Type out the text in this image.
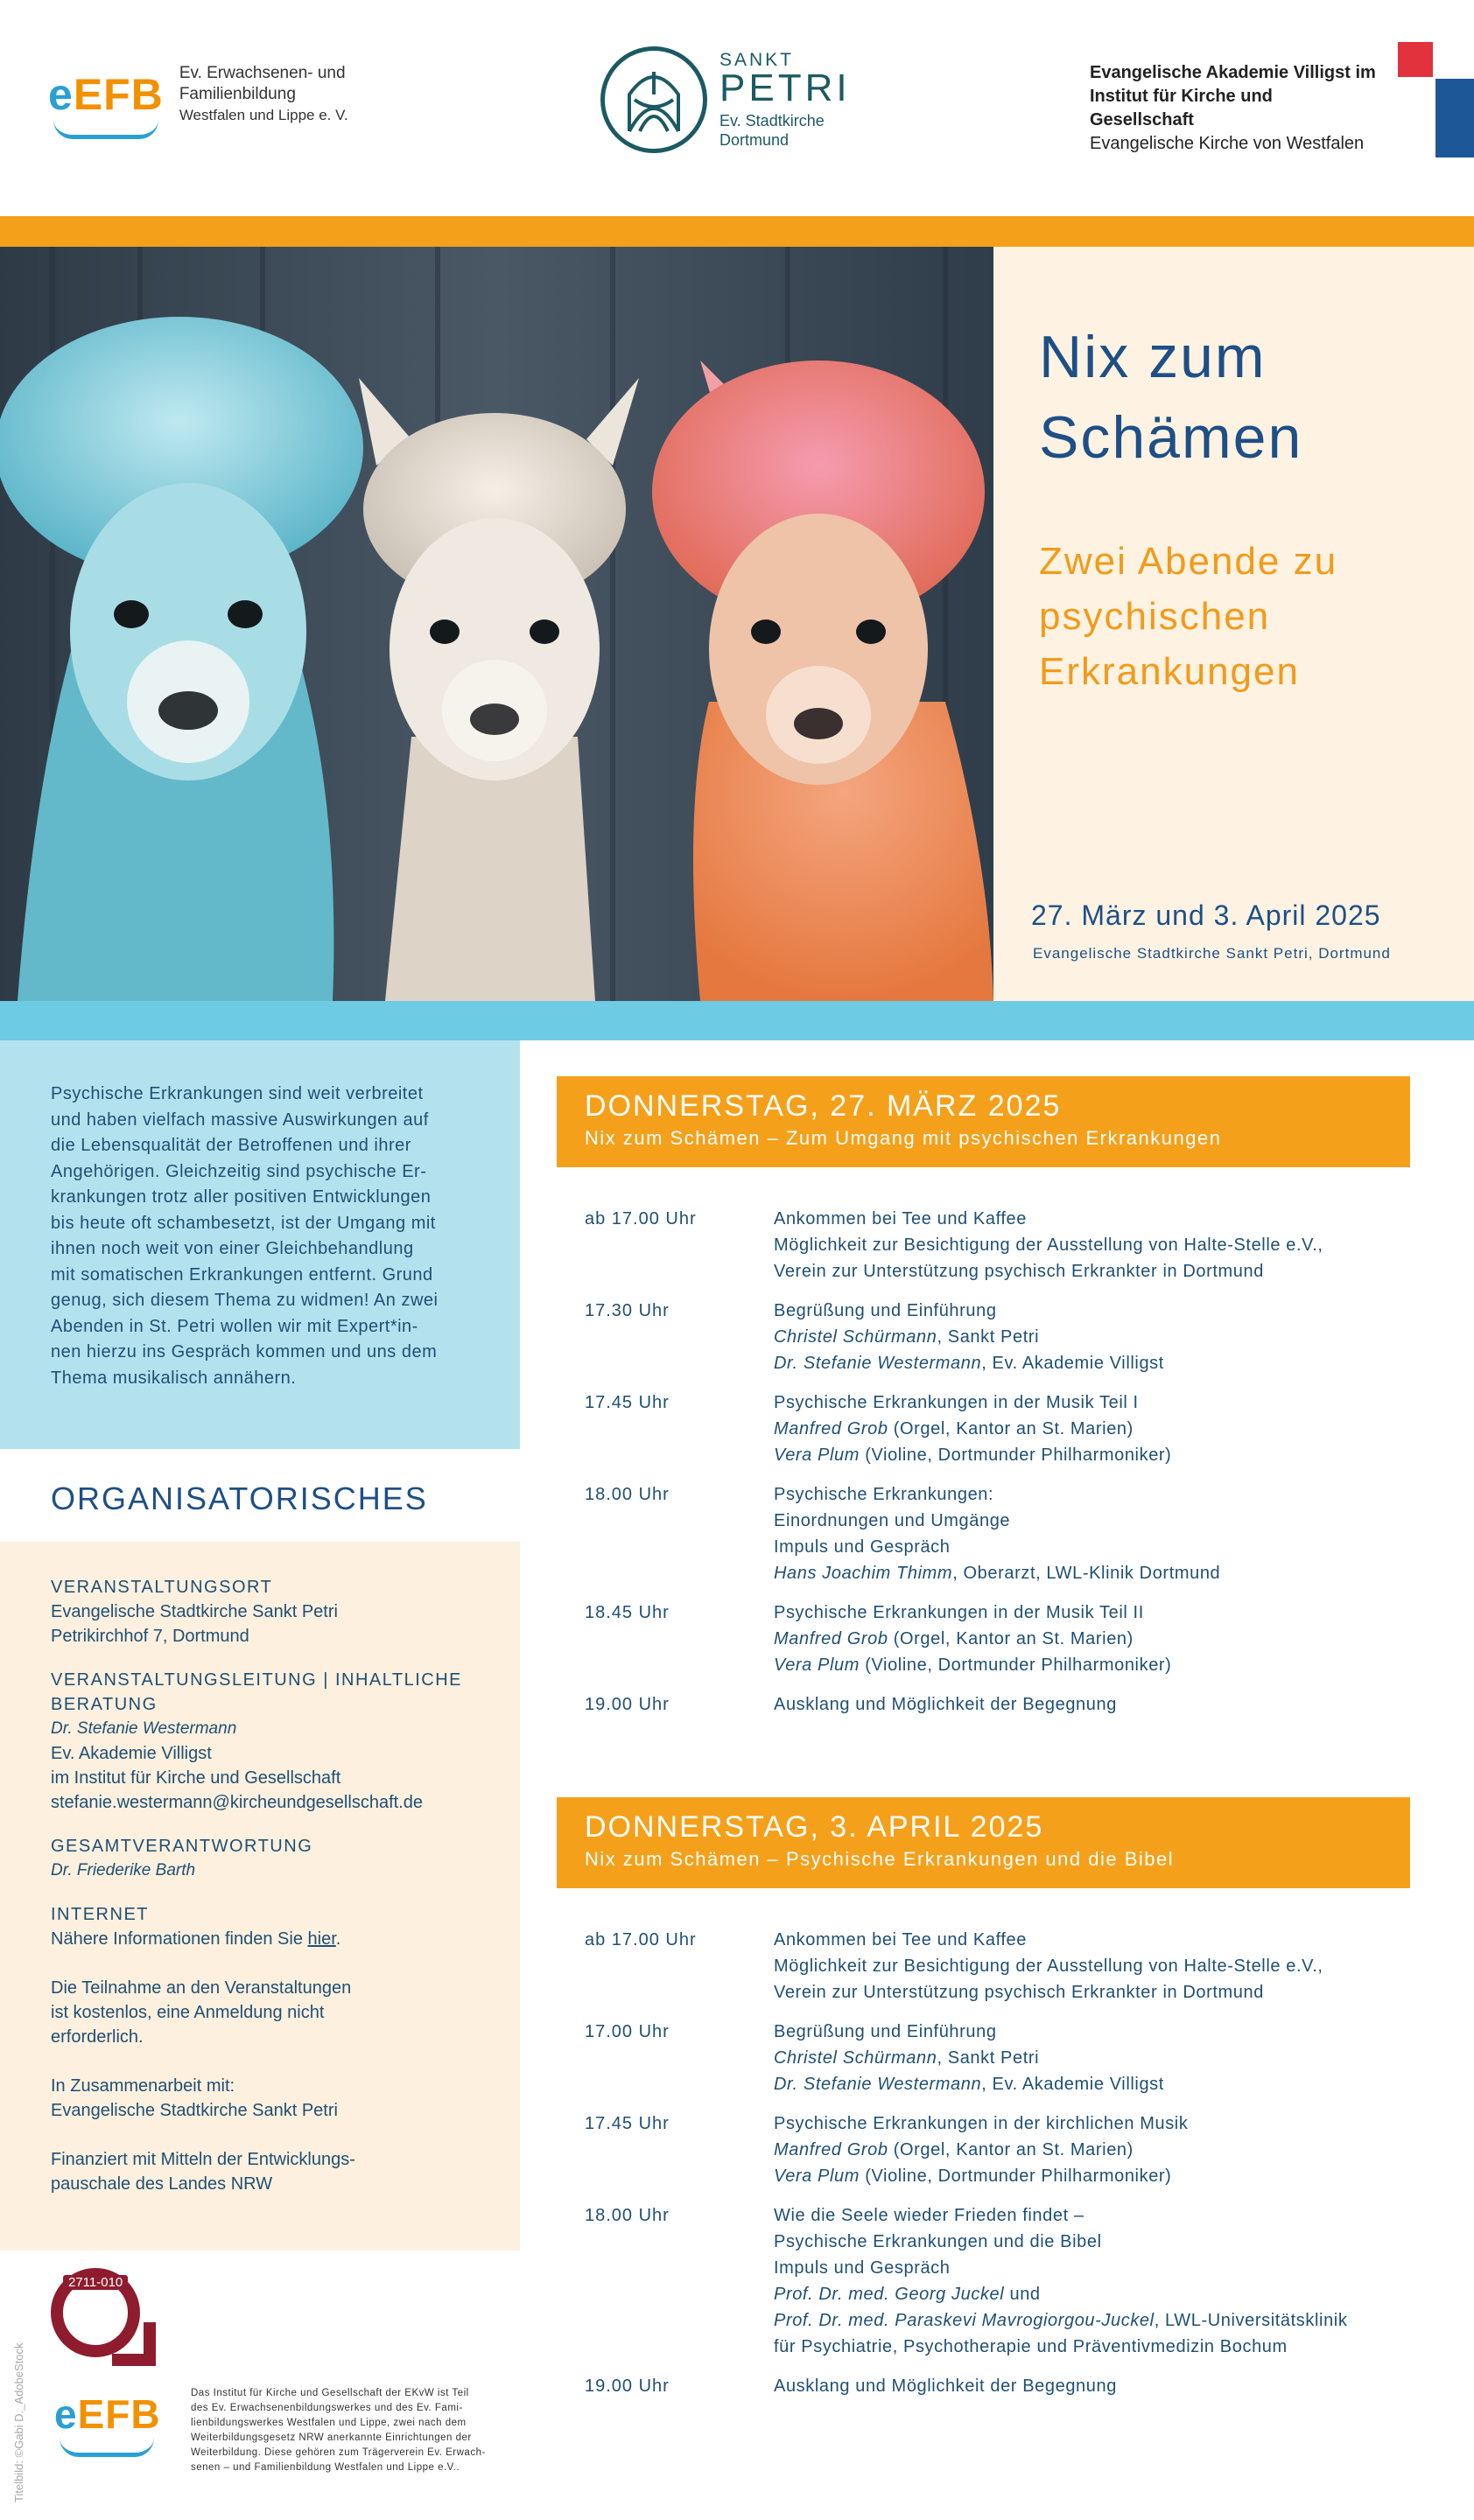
eEFB Ev. Erwachsenen- und
Familienbildung
Westfalen und Lippe e. V.
SANKT
PETRI
Ev. Stadtkirche
Dortmund
Evangelische Akademie Villigst im
Institut für Kirche und Gesellschaft
Evangelische Kirche von Westfalen
Nix zum
Schämen
Zwei Abende zu
psychischen
Erkrankungen
27. März und 3. April 2025
Evangelische Stadtkirche Sankt Petri, Dortmund
Psychische Erkrankungen sind weit verbreitet
und haben vielfach massive Auswirkungen auf
die Lebensqualität der Betroffenen und ihrer
Angehörigen. Gleichzeitig sind psychische Er-
krankungen trotz aller positiven Entwicklungen
bis heute oft schambesetzt, ist der Umgang mit
ihnen noch weit von einer Gleichbehandlung
mit somatischen Erkrankungen entfernt. Grund
genug, sich diesem Thema zu widmen! An zwei
Abenden in St. Petri wollen wir mit Expert*in-
nen hierzu ins Gespräch kommen und uns dem
Thema musikalisch annähern.
ORGANISATORISCHES
VERANSTALTUNGSORT
Evangelische Stadtkirche Sankt Petri
Petrikirchhof 7, Dortmund
VERANSTALTUNGSLEITUNG | INHALTLICHE
BERATUNG
Dr. Stefanie Westermann
Ev. Akademie Villigst
im Institut für Kirche und Gesellschaft
stefanie.westermann@kircheundgesellschaft.de
GESAMTVERANTWORTUNG
Dr. Friederike Barth
INTERNET
Nähere Informationen finden Sie hier.
Die Teilnahme an den Veranstaltungen
ist kostenlos, eine Anmeldung nicht
erforderlich.
In Zusammenarbeit mit:
Evangelische Stadtkirche Sankt Petri
Finanziert mit Mitteln der Entwicklungs-
pauschale des Landes NRW
Titelbild: ©Gabi D._AdobeStock
2711-010
eEFB	Das Institut für Kirche und Gesellschaft der EKvW ist Teil
des Ev. Erwachsenenbildungswerkes und des Ev. Fami-
lienbildungswerkes Westfalen und Lippe, zwei nach dem
Weiterbildungsgesetz NRW anerkannte Einrichtungen der
Weiterbildung. Diese gehören zum Trägerverein Ev. Erwach-
senen – und Familienbildung Westfalen und Lippe e.V..
DONNERSTAG, 27. MÄRZ 2025
Nix zum Schämen – Zum Umgang mit psychischen Erkrankungen
ab 17.00 Uhr	Ankommen bei Tee und Kaffee
Möglichkeit zur Besichtigung der Ausstellung von Halte-Stelle e.V.,
Verein zur Unterstützung psychisch Erkrankter in Dortmund
17.30 Uhr	Begrüßung und Einführung
Christel Schürmann, Sankt Petri
Dr. Stefanie Westermann, Ev. Akademie Villigst
17.45 Uhr	Psychische Erkrankungen in der Musik Teil I
Manfred Grob (Orgel, Kantor an St. Marien)
Vera Plum (Violine, Dortmunder Philharmoniker)
18.00 Uhr	Psychische Erkrankungen:
Einordnungen und Umgänge
Impuls und Gespräch
Hans Joachim Thimm, Oberarzt, LWL-Klinik Dortmund
18.45 Uhr	Psychische Erkrankungen in der Musik Teil II
Manfred Grob (Orgel, Kantor an St. Marien)
Vera Plum (Violine, Dortmunder Philharmoniker)
19.00 Uhr	Ausklang und Möglichkeit der Begegnung
DONNERSTAG, 3. APRIL 2025
Nix zum Schämen – Psychische Erkrankungen und die Bibel
ab 17.00 Uhr	Ankommen bei Tee und Kaffee
Möglichkeit zur Besichtigung der Ausstellung von Halte-Stelle e.V.,
Verein zur Unterstützung psychisch Erkrankter in Dortmund
17.00 Uhr	Begrüßung und Einführung
Christel Schürmann, Sankt Petri
Dr. Stefanie Westermann, Ev. Akademie Villigst
17.45 Uhr	Psychische Erkrankungen in der kirchlichen Musik
Manfred Grob (Orgel, Kantor an St. Marien)
Vera Plum (Violine, Dortmunder Philharmoniker)
18.00 Uhr	Wie die Seele wieder Frieden findet –
Psychische Erkrankungen und die Bibel
Impuls und Gespräch
Prof. Dr. med. Georg Juckel und
Prof. Dr. med. Paraskevi Mavrogiorgou-Juckel, LWL-Universitätsklinik
für Psychiatrie, Psychotherapie und Präventivmedizin Bochum
19.00 Uhr	Ausklang und Möglichkeit der Begegnung
